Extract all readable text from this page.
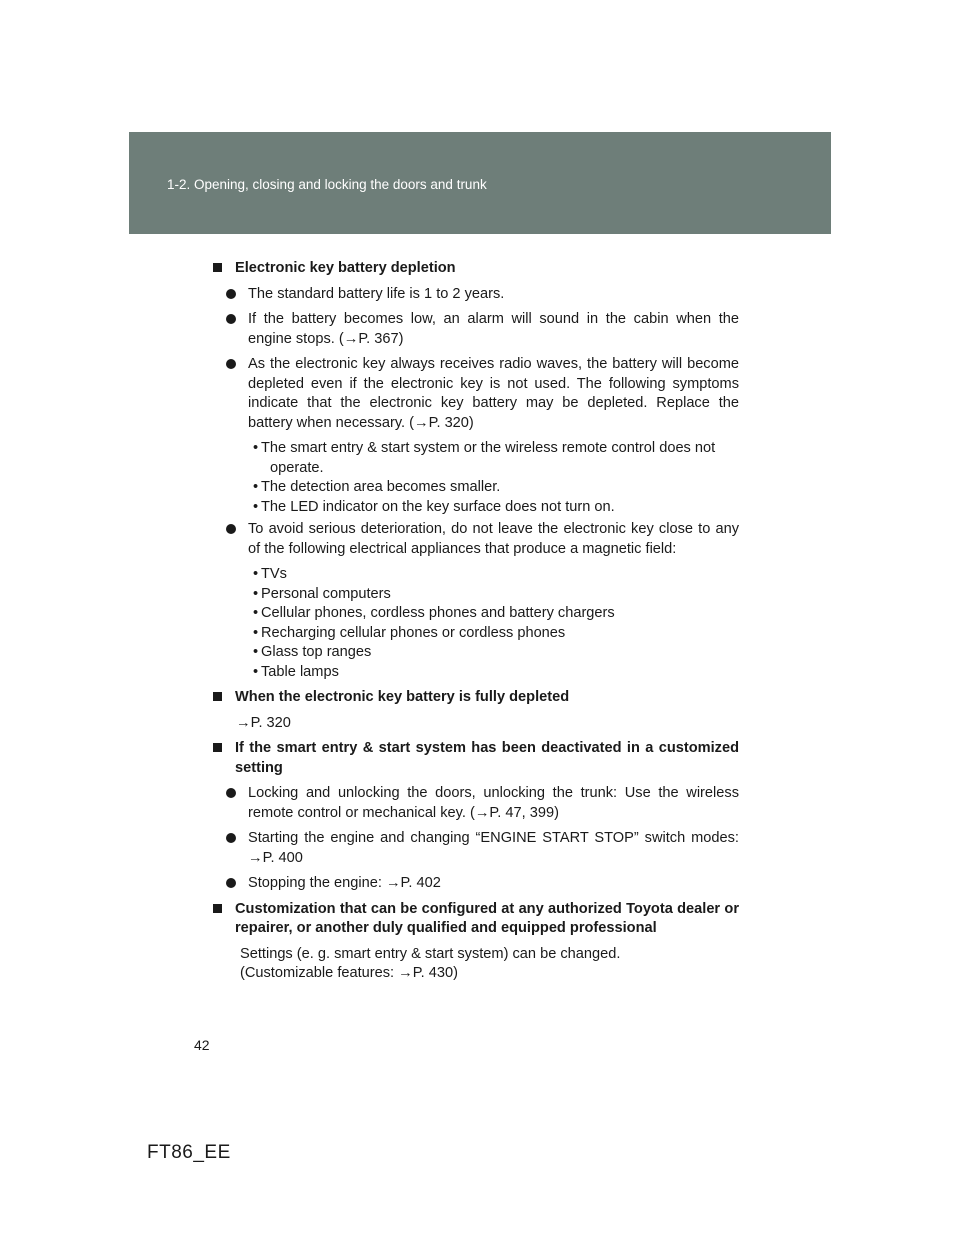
1-2. Opening, closing and locking the doors and trunk
Electronic key battery depletion
The standard battery life is 1 to 2 years.
If the battery becomes low, an alarm will sound in the cabin when the engine stops. (→P. 367)
As the electronic key always receives radio waves, the battery will become depleted even if the electronic key is not used. The following symptoms indicate that the electronic key battery may be depleted. Replace the battery when necessary. (→P. 320)
• The smart entry & start system or the wireless remote control does not
operate.
• The detection area becomes smaller.
• The LED indicator on the key surface does not turn on.
To avoid serious deterioration, do not leave the electronic key close to any of the following electrical appliances that produce a magnetic field:
• TVs
• Personal computers
• Cellular phones, cordless phones and battery chargers
• Recharging cellular phones or cordless phones
• Glass top ranges
• Table lamps
When the electronic key battery is fully depleted
→P. 320
If the smart entry & start system has been deactivated in a customized setting
Locking and unlocking the doors, unlocking the trunk: Use the wireless remote control or mechanical key. (→P. 47, 399)
Starting the engine and changing “ENGINE START STOP” switch modes: →P. 400
Stopping the engine: →P. 402
Customization that can be configured at any authorized Toyota dealer or repairer, or another duly qualified and equipped professional
Settings (e. g. smart entry & start system) can be changed.
(Customizable features: →P. 430)
42
FT86_EE
